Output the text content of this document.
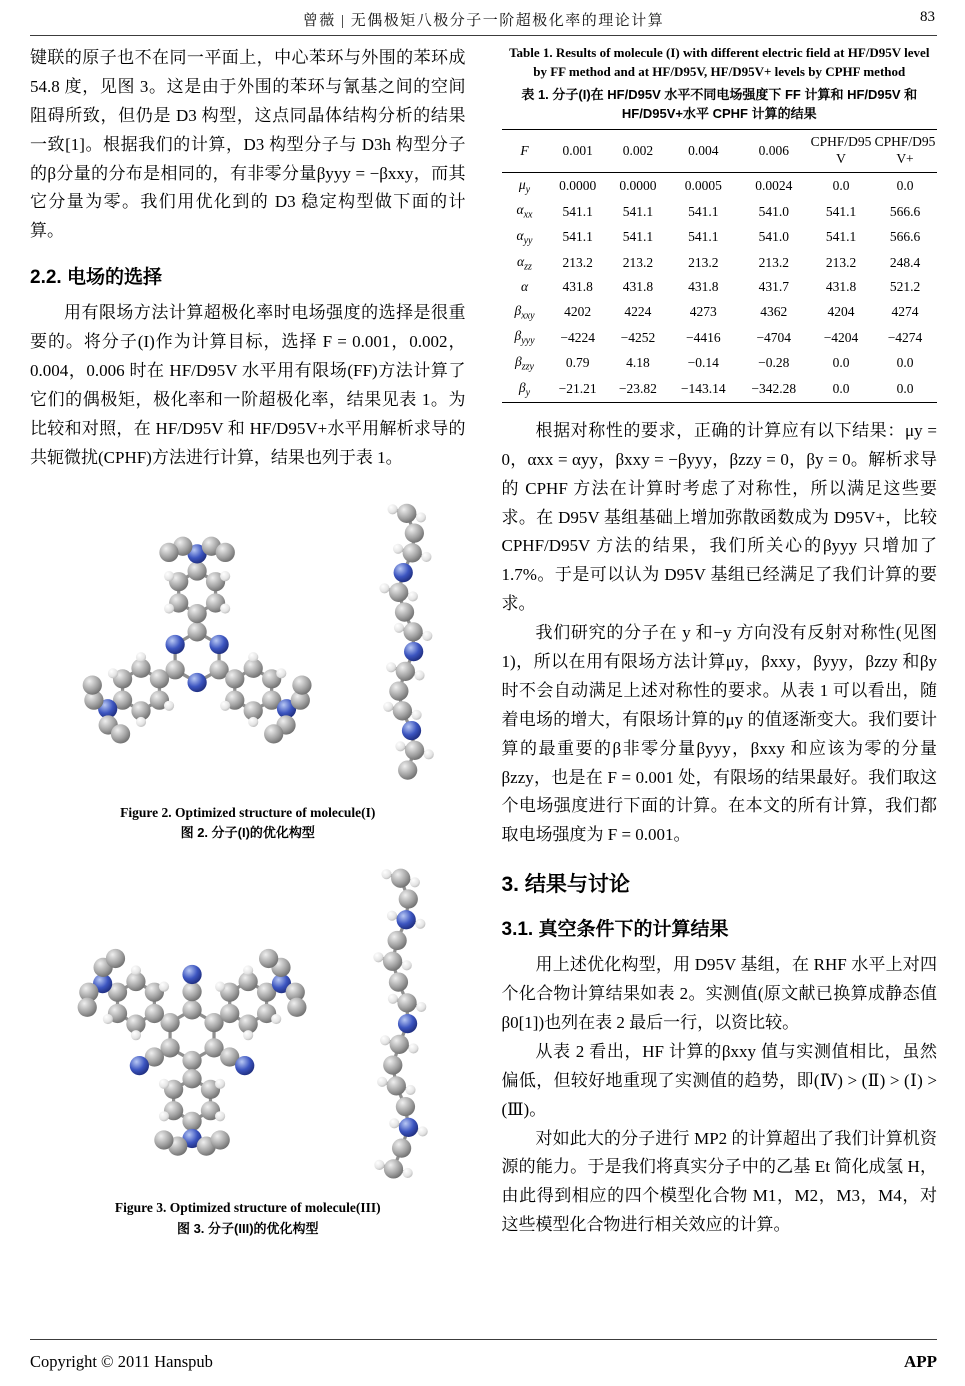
曾薇 | 无偶极矩八极分子一阶超极化率的理论计算	83

键联的原子也不在同一平面上，中心苯环与外围的苯环成 54.8 度，见图 3。这是由于外围的苯环与氰基之间的空间阻碍所致，但仍是 D3 构型，这点同晶体结构分析的结果一致[1]。根据我们的计算，D3 构型分子与 D3h 构型分子的β分量的分布是相同的，有非零分量βyyy = −βxxy，而其它分量为零。我们用优化到的 D3 稳定构型做下面的计算。

2.2. 电场的选择

用有限场方法计算超极化率时电场强度的选择是很重要的。将分子(I)作为计算目标，选择 F = 0.001，0.002，0.004，0.006 时在 HF/D95V 水平用有限场(FF)方法计算了它们的偶极矩，极化率和一阶超极化率，结果见表 1。为比较和对照，在 HF/D95V 和 HF/D95V+水平用解析求导的共轭微扰(CPHF)方法进行计算，结果也列于表 1。

Figure 2. Optimized structure of molecule(I)
图 2. 分子(I)的优化构型
Figure 3. Optimized structure of molecule(III)
图 3. 分子(III)的优化构型
Table 1. Results of molecule (I) with different electric field at HF/D95V level by FF method and at HF/D95V, HF/D95V+ levels by CPHF method
表 1. 分子(I)在 HF/D95V 水平不同电场强度下 FF 计算和 HF/D95V 和 HF/D95V+水平 CPHF 计算的结果
F	0.001	0.002	0.004	0.006	CPHF/D95V	CPHF/D95V+
$\mu_y$	0.0000	0.0000	0.0005	0.0024	0.0	0.0
$\alpha_{xx}$	541.1	541.1	541.1	541.0	541.1	566.6
$\alpha_{yy}$	541.1	541.1	541.1	541.0	541.1	566.6
$\alpha_{zz}$	213.2	213.2	213.2	213.2	213.2	248.4
α	431.8	431.8	431.8	431.7	431.8	521.2
$\beta_{xxy}$	4202	4224	4273	4362	4204	4274
$\beta_{yyy}$	−4224	−4252	−4416	−4704	−4204	−4274
$\beta_{zzy}$	0.79	4.18	−0.14	−0.28	0.0	0.0
$\beta_y$	−21.21	−23.82	−143.14	−342.28	0.0	0.0

根据对称性的要求，正确的计算应有以下结果：μy = 0，αxx = αyy，βxxy = −βyyy，βzzy = 0，βy = 0。解析求导的 CPHF 方法在计算时考虑了对称性，所以满足这些要求。在 D95V 基组基础上增加弥散函数成为 D95V+，比较 CPHF/D95V 方法的结果，我们所关心的βyyy 只增加了 1.7%。于是可以认为 D95V 基组已经满足了我们计算的要求。

我们研究的分子在 y 和−y 方向没有反射对称性(见图 1)，所以在用有限场方法计算μy，βxxy，βyyy，βzzy 和βy 时不会自动满足上述对称性的要求。从表 1 可以看出，随着电场的增大，有限场计算的μy 的值逐渐变大。我们要计算的最重要的β非零分量βyyy，βxxy 和应该为零的分量βzzy，也是在 F = 0.001 处，有限场的结果最好。我们取这个电场强度进行下面的计算。在本文的所有计算，我们都取电场强度为 F = 0.001。

3. 结果与讨论
3.1. 真空条件下的计算结果

用上述优化构型，用 D95V 基组，在 RHF 水平上对四个化合物计算结果如表 2。实测值(原文献已换算成静态值β0[1])也列在表 2 最后一行，以资比较。

从表 2 看出，HF 计算的βxxy 值与实测值相比，虽然偏低，但较好地重现了实测值的趋势，即(Ⅳ) > (Ⅱ) > (Ⅰ) > (Ⅲ)。

对如此大的分子进行 MP2 的计算超出了我们计算机资源的能力。于是我们将真实分子中的乙基 Et 简化成氢 H，由此得到相应的四个模型化合物 M1，M2，M3，M4，对这些模型化合物进行相关效应的计算。

Copyright © 2011 Hanspub	APP
